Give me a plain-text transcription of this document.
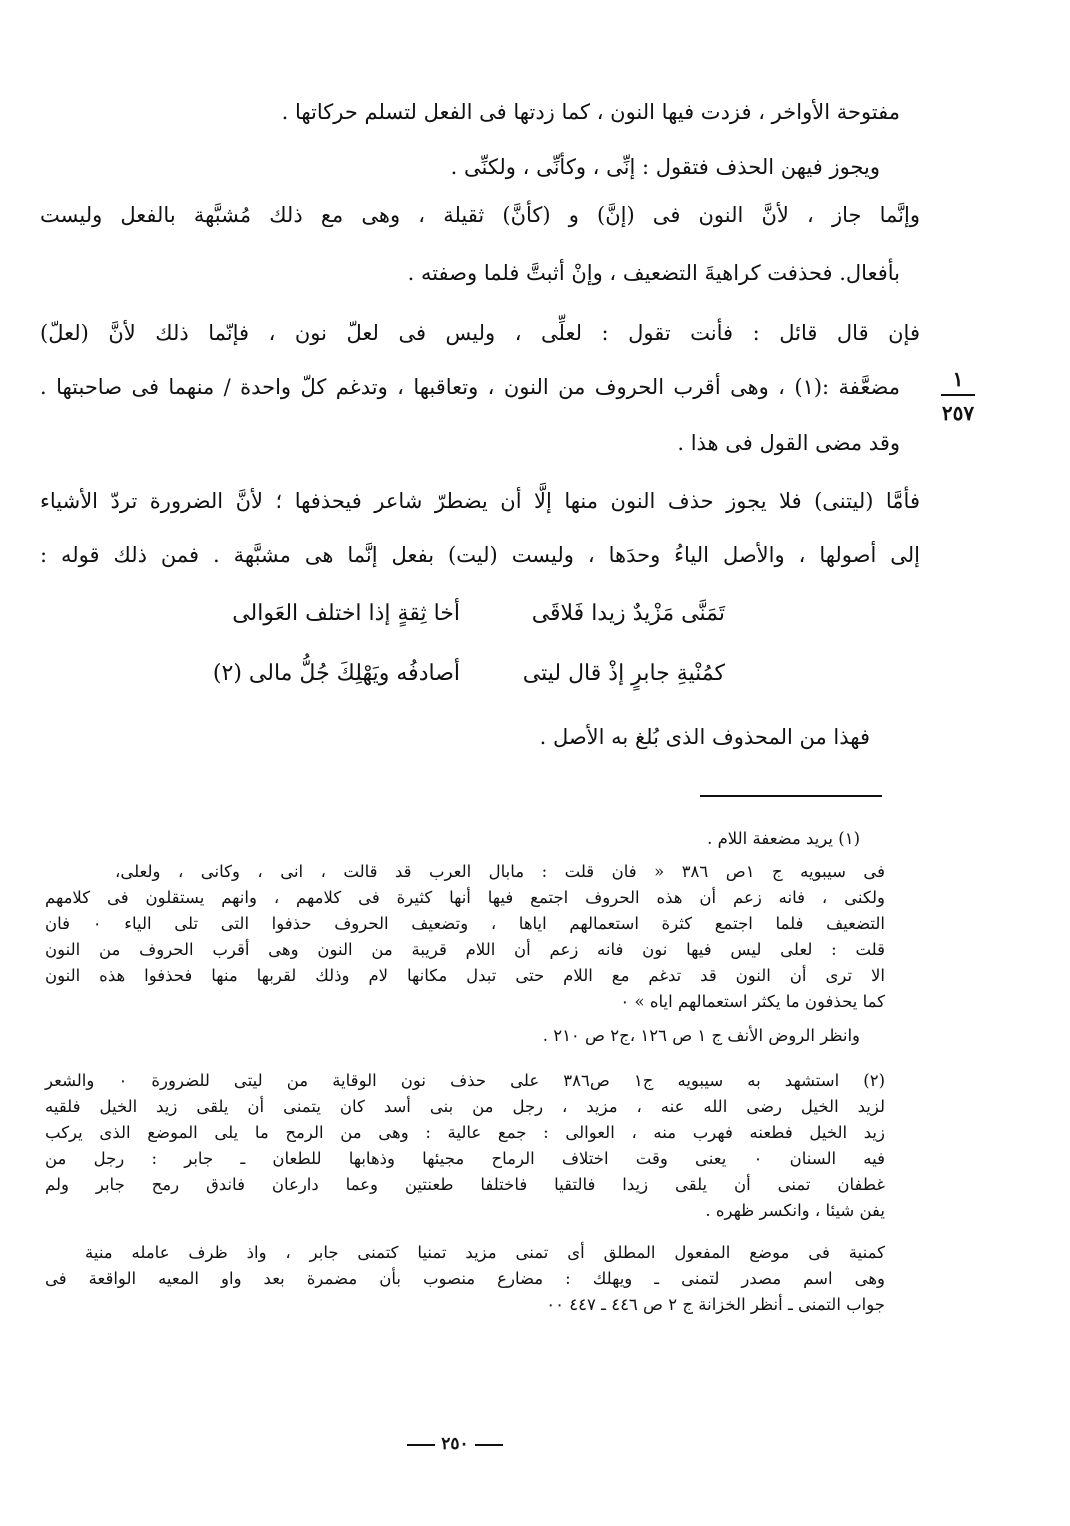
مفتوحة الأواخر ، فزدت فيها النون ، كما زدتها فى الفعل لتسلم حركاتها .
ويجوز فيهن الحذف فتقول : إنِّى ، وكأنِّى ، ولكنِّى .
وإنَّما جاز ، لأنَّ النون فى (إنَّ) و (كأنَّ) ثقيلة ، وهى مع ذلك مُشبَّهة بالفعل وليست
بأفعال. فحذفت كراهيةَ التضعيف ، وإنْ أثبتَّ فلما وصفته .
فإن قال قائل : فأنت تقول : لعلِّى ، وليس فى لعلّ نون ، فإنّما ذلك لأنَّ (لعلّ)
مضعَّفة :(١) ، وهى أقرب الحروف من النون ، وتعاقبها ، وتدغم كلّ واحدة / منهما فى صاحبتها .
وقد مضى القول فى هذا .
فأمَّا (ليتنى) فلا يجوز حذف النون منها إلَّا أن يضطرّ شاعر فيحذفها ؛ لأنَّ الضرورة تردّ الأشياء
إلى أصولها ، والأصل الياءُ وحدَها ، وليست (ليت) بفعل إنَّما هى مشبَّهة . فمن ذلك قوله :
١
٢٥٧
تَمَنَّى مَزْيدٌ زيدا فَلاقَى
أخا ثِقةٍ إذا اختلف العَوالى
كمُنْيةِ جابرٍ إذْ قال ليتى
أصادفُه ويَهْلِكَ جُلُّ مالى (٢)
فهذا من المحذوف الذى بُلغ به الأصل .
(١) يريد مضعفة اللام .
فى سيبويه ج ١ص ٣٨٦ « فان قلت : مابال العرب قد قالت ، انى ، وكانى ، ولعلى،
ولكنى ، فانه زعم أن هذه الحروف اجتمع فيها أنها كثيرة فى كلامهم ، وانهم يستقلون فى كلامهم
التضعيف فلما اجتمع كثرة استعمالهم اياها ، وتضعيف الحروف حذفوا التى تلى الياء ٠ فان
قلت : لعلى ليس فيها نون فانه زعم أن اللام قريبة من النون وهى أقرب الحروف من النون
الا ترى أن النون قد تدغم مع اللام حتى تبدل مكانها لام وذلك لقربها منها فحذفوا هذه النون
كما يحذفون ما يكثر استعمالهم اياه » ٠
وانظر الروض الأنف ج ١ ص ١٢٦ ،ج٢ ص ٢١٠ .
(٢) استشهد به سيبويه ج١ ص٣٨٦ على حذف نون الوقاية من ليتى للضرورة ٠ والشعر
لزيد الخيل رضى الله عنه ، مزيد ، رجل من بنى أسد كان يتمنى أن يلقى زيد الخيل فلقيه
زيد الخيل فطعنه فهرب منه ، العوالى : جمع عالية : وهى من الرمح ما يلى الموضع الذى يركب
فيه السنان ٠ يعنى وقت اختلاف الرماح مجيئها وذهابها للطعان ـ جابر : رجل من
غطفان تمنى أن يلقى زيدا فالتقيا فاختلفا طعنتين وعما دارعان فاندق رمح جابر ولم
يفن شيئا ، وانكسر ظهره .
كمنية فى موضع المفعول المطلق أى تمنى مزيد تمنيا كتمنى جابر ، واذ ظرف عامله منية
وهى اسم مصدر لتمنى ـ ويهلك : مضارع منصوب بأن مضمرة بعد واو المعيه الواقعة فى
جواب التمنى ـ أنظر الخزانة ج ٢ ص ٤٤٦ ـ ٤٤٧ ٠٠
٢٥٠
